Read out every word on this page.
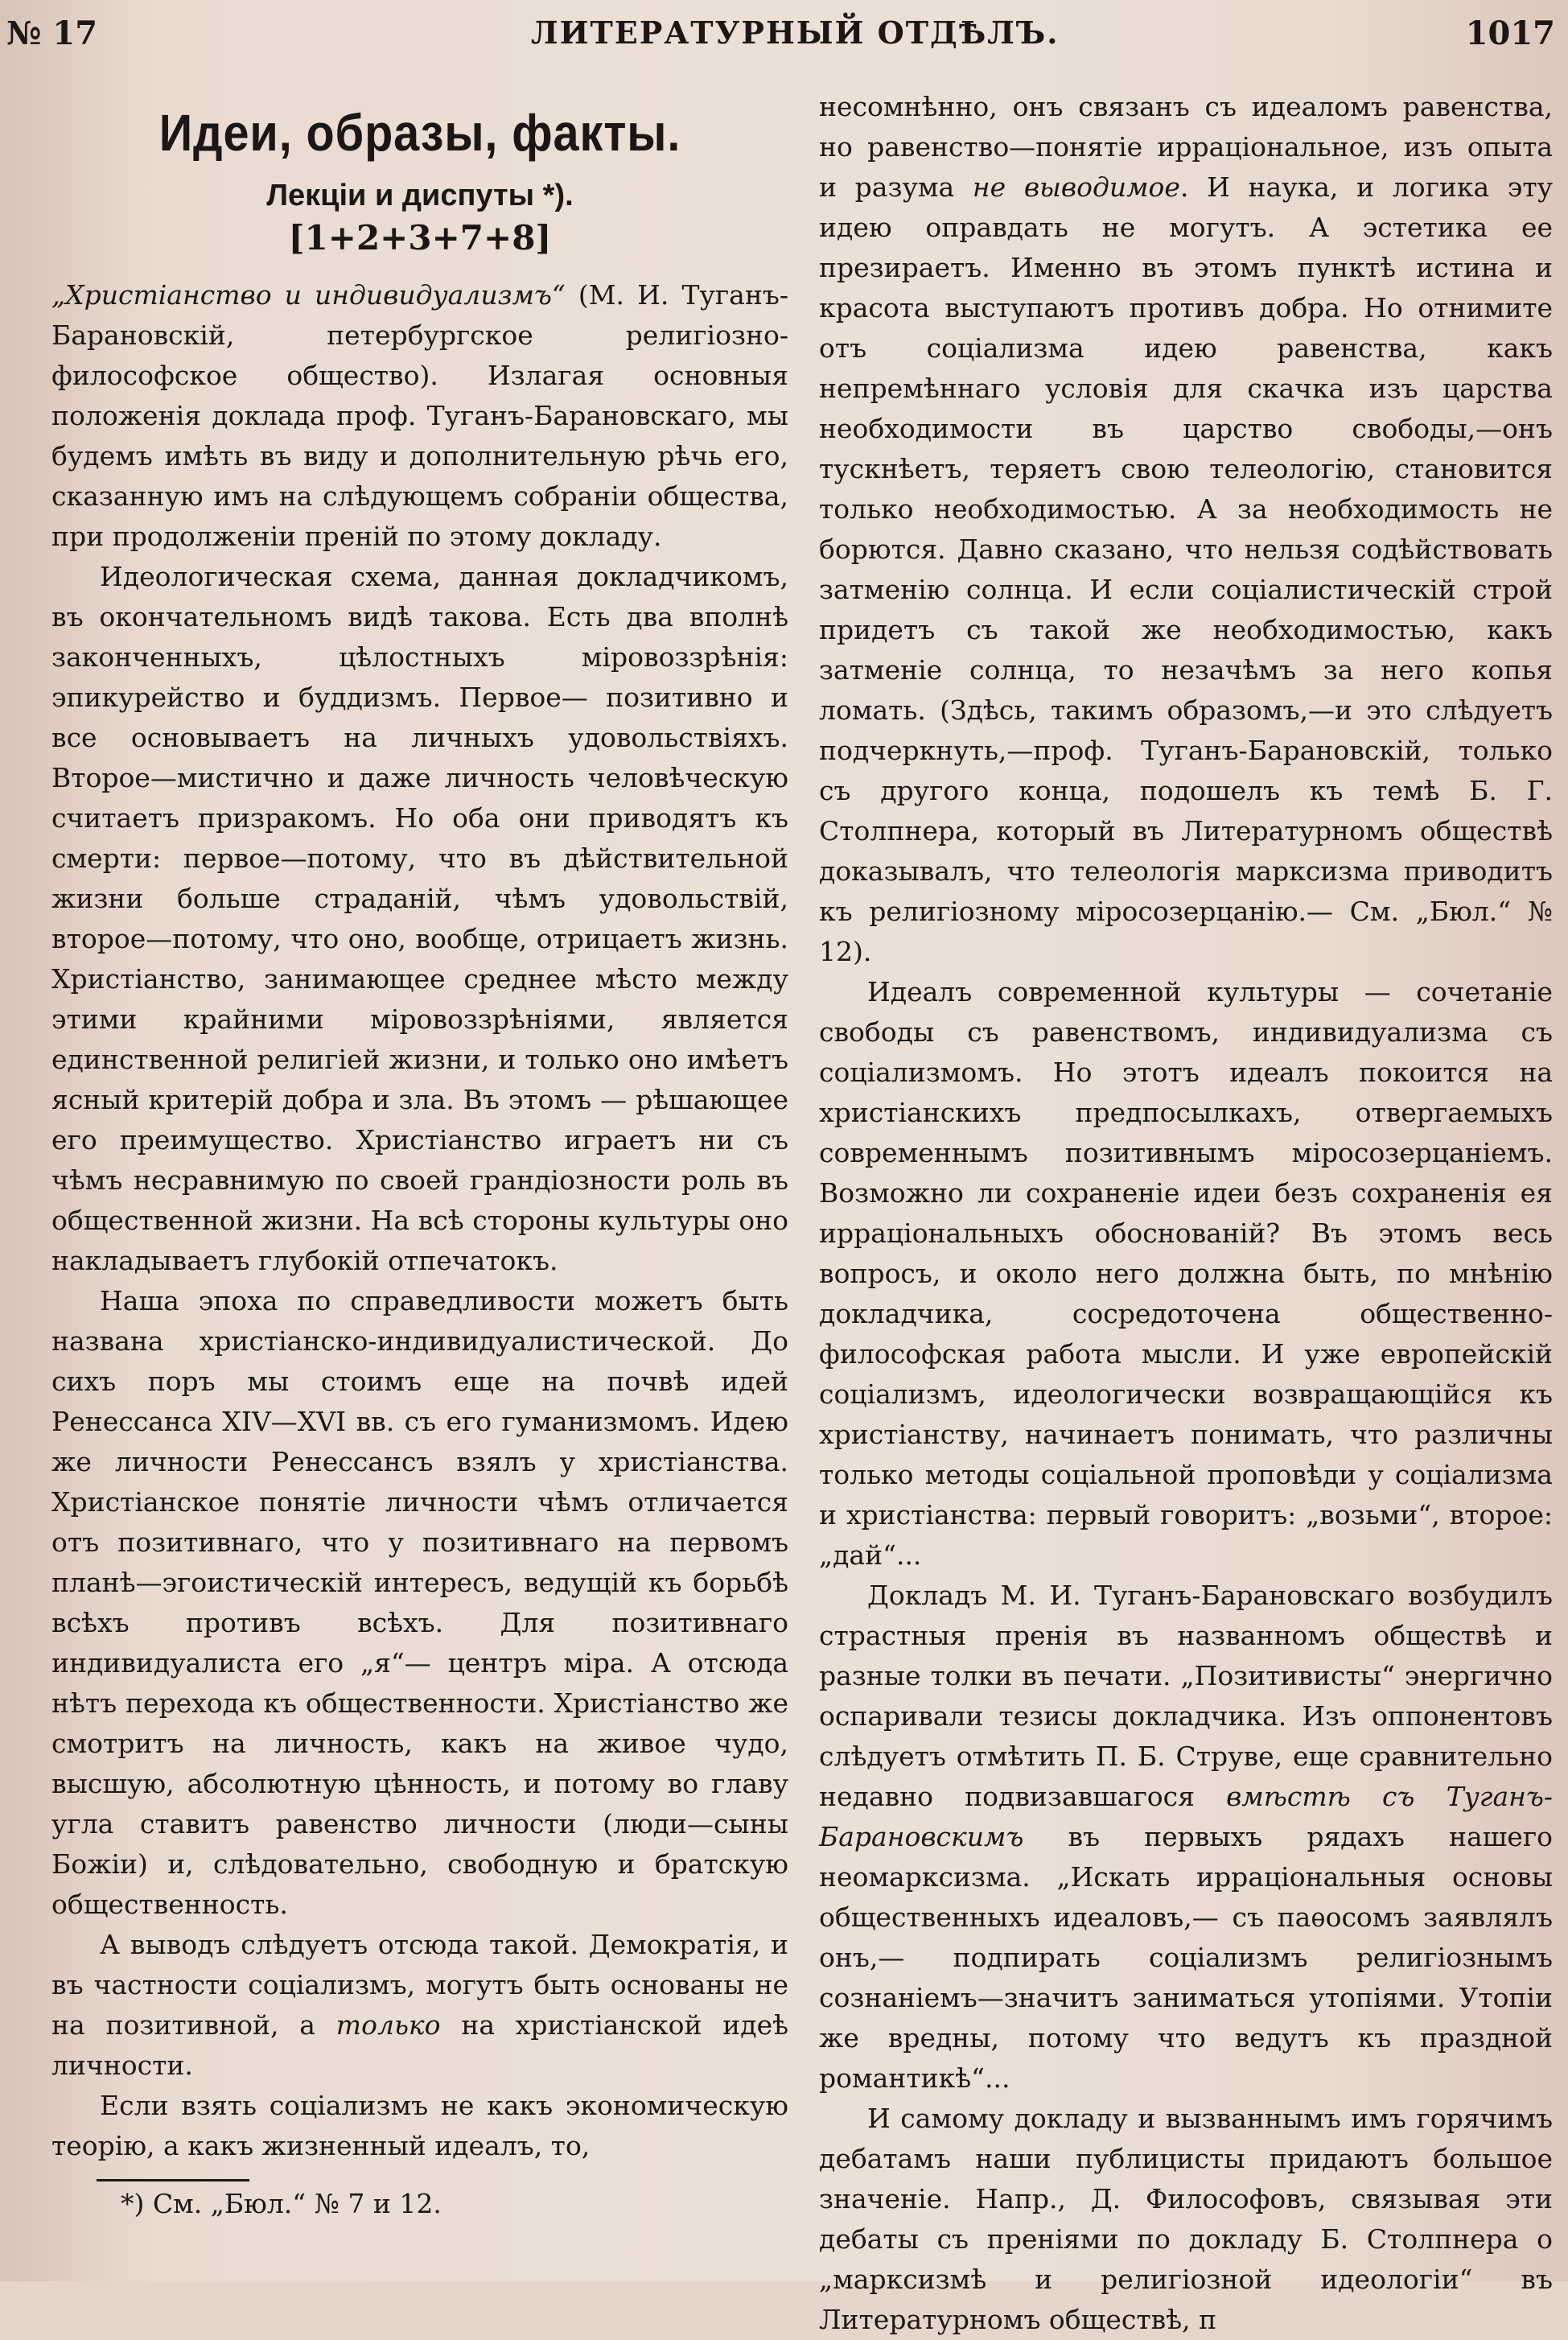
№ 17	ЛИТЕРАТУРНЫЙ ОТДѢЛЪ.	1017
Идеи, образы, факты.
Лекціи и диспуты *).
[1+2+3+7+8]

„Христіанство и индивидуализмъ“ (М. И. Туганъ-Барановскій, петербургское религіозно-философское общество). Излагая основныя положенія доклада проф. Туганъ-Барановскаго, мы будемъ имѣть въ виду и дополнительную рѣчь его, сказанную имъ на слѣдующемъ собраніи общества, при продолженіи преній по этому докладу.

Идеологическая схема, данная докладчикомъ, въ окончательномъ видѣ такова. Есть два вполнѣ законченныхъ, цѣлостныхъ міровоззрѣнія: эпикурейство и буддизмъ. Первое— позитивно и все основываетъ на личныхъ удовольствіяхъ. Второе—мистично и даже личность человѣческую считаетъ призракомъ. Но оба они приводятъ къ смерти: первое—потому, что въ дѣйствительной жизни больше страданій, чѣмъ удовольствій, второе—потому, что оно, вообще, отрицаетъ жизнь. Христіанство, занимающее среднее мѣсто между этими крайними міровоззрѣніями, является единственной религіей жизни, и только оно имѣетъ ясный критерій добра и зла. Въ этомъ — рѣшающее его преимущество. Христіанство играетъ ни съ чѣмъ несравнимую по своей грандіозности роль въ общественной жизни. На всѣ стороны культуры оно накладываетъ глубокій отпечатокъ.

Наша эпоха по справедливости можетъ быть названа христіанско-индивидуалистической. До сихъ поръ мы стоимъ еще на почвѣ идей Ренессанса XIV—XVI вв. съ его гуманизмомъ. Идею же личности Ренессансъ взялъ у христіанства. Христіанское понятіе личности чѣмъ отличается отъ позитивнаго, что у позитивнаго на первомъ планѣ—эгоистическій интересъ, ведущій къ борьбѣ всѣхъ противъ всѣхъ. Для позитивнаго индивидуалиста его „я“— центръ міра. А отсюда нѣтъ перехода къ общественности. Христіанство же смотритъ на личность, какъ на живое чудо, высшую, абсолютную цѣнность, и потому во главу угла ставитъ равенство личности (люди—сыны Божіи) и, слѣдовательно, свободную и братскую общественность.

А выводъ слѣдуетъ отсюда такой. Демократія, и въ частности соціализмъ, могутъ быть основаны не на позитивной, а только на христіанской идеѣ личности.

Если взять соціализмъ не какъ экономическую теорію, а какъ жизненный идеалъ, то,

*) См. „Бюл.“ № 7 и 12.

несомнѣнно, онъ связанъ съ идеаломъ равенства, но равенство—понятіе ирраціональное, изъ опыта и разума не выводимое. И наука, и логика эту идею оправдать не могутъ. А эстетика ее презираетъ. Именно въ этомъ пунктѣ истина и красота выступаютъ противъ добра. Но отнимите отъ соціализма идею равенства, какъ непремѣннаго условія для скачка изъ царства необходимости въ царство свободы,—онъ тускнѣетъ, теряетъ свою телеологію, становится только необходимостью. А за необходимость не борются. Давно сказано, что нельзя содѣйствовать затменію солнца. И если соціалистическій строй придетъ съ такой же необходимостью, какъ затменіе солнца, то незачѣмъ за него копья ломать. (Здѣсь, такимъ образомъ,—и это слѣдуетъ подчеркнуть,—проф. Туганъ-Барановскій, только съ другого конца, подошелъ къ темѣ Б. Г. Столпнера, который въ Литературномъ обществѣ доказывалъ, что телеологія марксизма приводитъ къ религіозному міросозерцанію.— См. „Бюл.“ № 12).

Идеалъ современной культуры — сочетаніе свободы съ равенствомъ, индивидуализма съ соціализмомъ. Но этотъ идеалъ покоится на христіанскихъ предпосылкахъ, отвергаемыхъ современнымъ позитивнымъ міросозерцаніемъ. Возможно ли сохраненіе идеи безъ сохраненія ея ирраціональныхъ обоснованій? Въ этомъ весь вопросъ, и около него должна быть, по мнѣнію докладчика, сосредоточена общественно-философская работа мысли. И уже европейскій соціализмъ, идеологически возвращающійся къ христіанству, начинаетъ понимать, что различны только методы соціальной проповѣди у соціализма и христіанства: первый говоритъ: „возьми“, второе: „дай“...

Докладъ М. И. Туганъ-Барановскаго возбудилъ страстныя пренія въ названномъ обществѣ и разные толки въ печати. „Позитивисты“ энергично оспаривали тезисы докладчика. Изъ оппонентовъ слѣдуетъ отмѣтить П. Б. Струве, еще сравнительно недавно подвизавшагося вмѣстѣ съ Туганъ-Барановскимъ въ первыхъ рядахъ нашего неомарксизма. „Искать ирраціональныя основы общественныхъ идеаловъ,— съ паѳосомъ заявлялъ онъ,— подпирать соціализмъ религіознымъ сознаніемъ—значитъ заниматься утопіями. Утопіи же вредны, потому что ведутъ къ праздной романтикѣ“...

И самому докладу и вызваннымъ имъ горячимъ дебатамъ наши публицисты придаютъ большое значеніе. Напр., Д. Философовъ, связывая эти дебаты съ преніями по докладу Б. Столпнера о „марксизмѣ и религіозной идеологіи“ въ Литературномъ обществѣ, п
